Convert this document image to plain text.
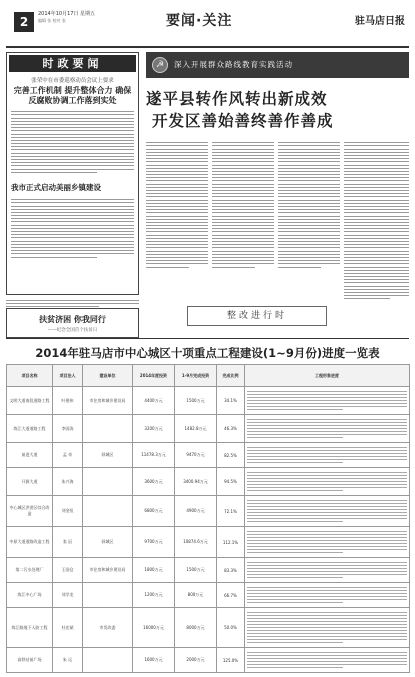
2
2014年10月17日 星期五
编辑 张 校对 张	要闻·关注	驻马店日报
时政要闻
张荣中在市委巡察动员会议上要求
完善工作机制 提升整体合力 确保反腐败协调工作落到实处
我市正式启动美丽乡镇建设
扶贫济困 你我同行
——纪念全国首个扶贫日
☭	深入开展群众路线教育实践活动
遂平县转作风转出新成效
开发区善始善终善作善成
整改进行时
2014年驻马店市中心城区十项重点工程建设(1~9月份)进度一览表
项目名称	项目法人	建设单位	2014年度投资	1-9月完成投资	完成比例	工程形象进度
文明大道南段道路工程	叶建伟	市住房和城乡建设局	4400万元	1500万元	34.1%	

练江大道道路工程	李国涛		3200万元	1482.8万元	46.3%	

前进大道	孟 奇	驿城区	11478.3万元	9470万元	82.5%	

开源大道	朱兴海		3600万元	3400.94万元	94.5%	

中心城区洪涝区综合改造	刘金恒		6800万元	4900万元	72.1%	

中原大道道路改造工程	张 辰	驿城区	9700万元	10874.6万元	112.1%	

第二污水处理厂	王国仓	市住房和城乡建设局	1800万元	1500万元	83.3%	

练江中心广场	刘学龙		1200万元	800万元	66.7%	

练江路地下人防工程	杜宏斌	市发改委	16000万元	8000万元	50.0%	

高铁站前广场	朱 运		1600万元	2000万元	125.0%	
